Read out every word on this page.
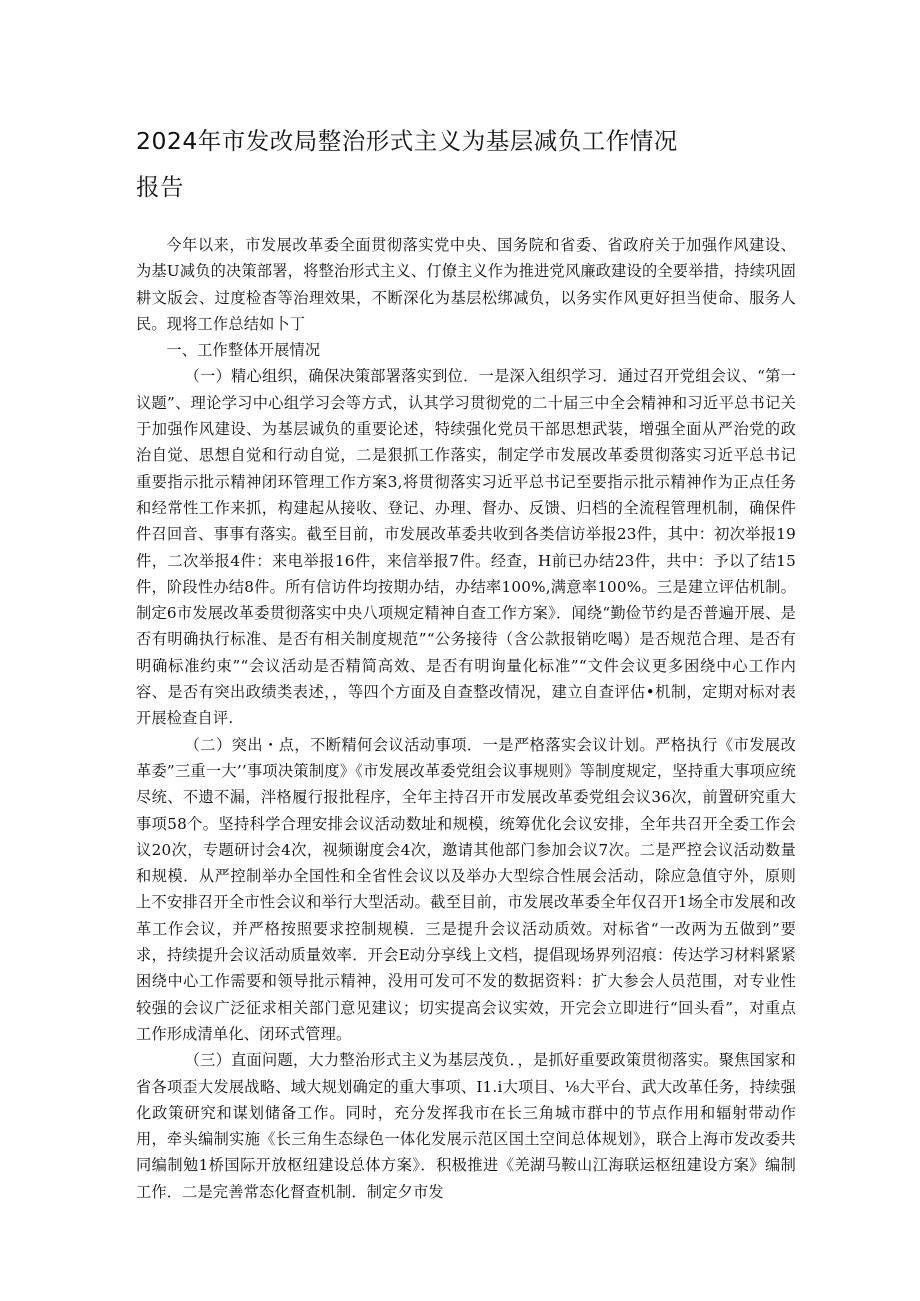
2024年市发改局整治形式主义为基层减负工作情况
报告

今年以来，市发展改革委全面贯彻落实党中央、国务院和省委、省政府关于加强作风建设、为基U减负的决策部署，将整治形式主义、仃僚主义作为推进党风廉政建设的全要举措，持续巩固耕文版会、过度检杳等治理效果，不断深化为基层松绑减负，以务实作风更好担当使命、服务人民。现将工作总结如卜丁

一、工作整体开展情况

（一）精心组织，确保决策部署落实到位．一是深入组织学习．通过召开党组会议、“第一议题”、理论学习中心组学习会等方式，认其学习贯彻党的二十届三中全会精神和习近平总书记关于加强作风建设、为基层诚负的重要论述，特续强化党员干部思想武装，增强全面从严治党的政治自觉、思想自觉和行动自觉，二是狠抓工作落实，制定学市发展改革委贯彻落实习近平总书记重要指示批示精神闭环管理工作方案3,将贯彻落实习近平总书记至要指示批示精神作为正点任务和经常性工作来抓，构建起从接收、登记、办理、督办、反馈、归档的全流程管理机制，确保件件召回音、事事有落实。截至目前，市发展改革委共收到各类信访举报23件，其中：初次举报19件，二次举报4件：来电举报16件，来信举报7件。经查，H前已办结23件，共中：予以了结15件，阶段性办结8件。所有信访件均按期办结，办结率100%,满意率100%。三是建立评估机制。制定6市发展改革委贯彻落实中央八项规定精神自查工作方案》．闻绕“勤俭节约是否普遍开展、是否有明确执行标准、是否有相关制度规范”“公务接待（含公款报销吃喝）是否规范合理、是否有明确标准约束”“会议活动是否精简高效、是否有明询量化标准”“文件会议更多困绕中心工作内容、是否有突出政绩类表述，，等四个方面及自查整改情况，建立自查评估•机制，定期对标对表开展检查自评.

（二）突出・点，不断精何会议活动事项．一是严格落实会议计划。严格执行《市发展改革委”三重一大’’事项决策制度》《市发展改革委党组会议事规则》等制度规定，坚持重大事项应统尽统、不遗不漏，泮格履行报批程序，全年主持召开市发展改革委党组会议36次，前置研究重大事项58个。坚持科学合理安排会议活动数址和规模，统筹优化会议安排，全年共召开全委工作会议20次，专题研讨会4次，视频谢度会4次，邀请其他部门参加会议7次。二是严控会议活动数量和规模．从严控制举办全国性和全省性会议以及举办大型综合性展会活动，除应急值守外，原则上不安排召开全市性会议和举行大型活动。截至目前，市发展改革委全年仅召开1场全市发展和改革工作会议，并严格按照要求控制规模．三是提升会议活动质效。对标省“一改两为五做到”要求，持续提升会议活动质量效率．开会E动分享线上文档，提倡现场界列沼痕：传达学习材料紧紧困绕中心工作需要和领导批示精神，没用可发可不发的数据资料：扩大参会人员范围，对专业性较强的会议广泛征求相关部门意见建议；切实提高会议实效，开完会立即进行“回头看”，对重点工作形成清单化、闭环式管理。

（三）直面问题，大力整治形式主义为基层茂负．，是抓好重要政策贯彻落实。聚焦国家和省各项歪大发展战略、域大规划确定的重大事项、I1.i大项目、⅛大平台、武大改革任务，持续强化政策研究和谋划储备工作。同时，充分发挥我市在长三角城市群中的节点作用和辐射带动作用，牵头编制实施《长三角生态绿色一体化发展示范区国土空间总体规划》，联合上海市发改委共同编制勉1桥国际开放枢纽建设总体方案》．积极推进《羌湖马鞍山江海联运枢纽建设方案》编制工作．二是完善常态化督查机制．制定夕市发
